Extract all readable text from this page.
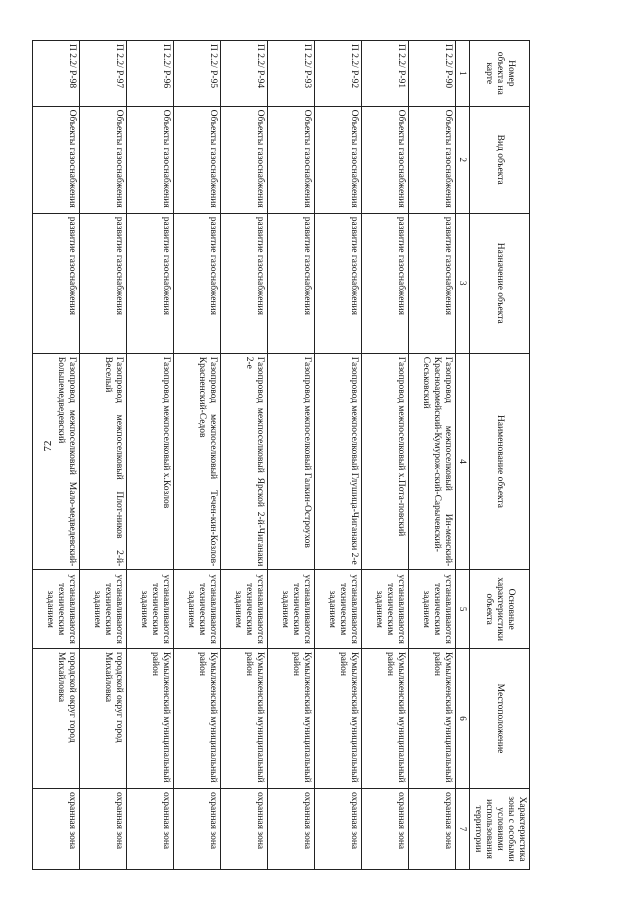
72
Номер объекта на карте	Вид объекта	Назначение объекта	Наименование объекта	Основные характеристики объекта	Местоположение	Характеристика зоны с особыми условиями использования территории
1	2	3	4	5	6	7
П 2.2/ Р-90	Объекты газоснабжения	развитие газоснабжения	Газопровод межпоселковый Ин-менский-Красноармейский-Кумурож-ский-Сарычевский-Сеськовский	устанавливаются техническим заданием	Кумылженский муниципальный район	охранная зона
П 2.2/ Р-91	Объекты газоснабжения	развитие газоснабжения	Газопровод межпоселковый х.Пота-повский	устанавливаются техническим заданием	Кумылженский муниципальный район	охранная зона
П 2.2/ Р-92	Объекты газоснабжения	развитие газоснабжения	Газопровод межпоселковый Глушица-Чиганаки 2-е	устанавливаются техническим заданием	Кумылженский муниципальный район	охранная зона
П 2.2/ Р-93	Объекты газоснабжения	развитие газоснабжения	Газопровод межпоселковый Галкин-Остроухов	устанавливаются техническим заданием	Кумылженский муниципальный район	охранная зона
П 2.2/ Р-94	Объекты газоснабжения	развитие газоснабжения	Газопровод межпоселковый Ярской 2-й-Чиганаки 2-е	устанавливаются техническим заданием	Кумылженский муниципальный район	охранная зона
П 2.2/ Р-95	Объекты газоснабжения	развитие газоснабжения	Газопровод межпоселковый Течен-кин-Козлов-Красненский-Седов	устанавливаются техническим заданием	Кумылженский муниципальный район	охранная зона
П 2.2/ Р-96	Объекты газоснабжения	развитие газоснабжения	Газопровод межпоселковый х.Козлов	устанавливаются техническим заданием	Кумылженский муниципальный район	охранная зона
П 2.2/ Р-97	Объекты газоснабжения	развитие газоснабжения	Газопровод межпоселковый Плот-ников 2-й-Веселый	устанавливаются техническим заданием	городской округ город Михайловка	охранная зона
П 2.2/ Р-98	Объекты газоснабжения	развитие газоснабжения	Газопровод межпоселковый Мало-медведевский-Большемедведевский	устанавливаются техническим заданием	городской округ город Михайловка	охранная зона
